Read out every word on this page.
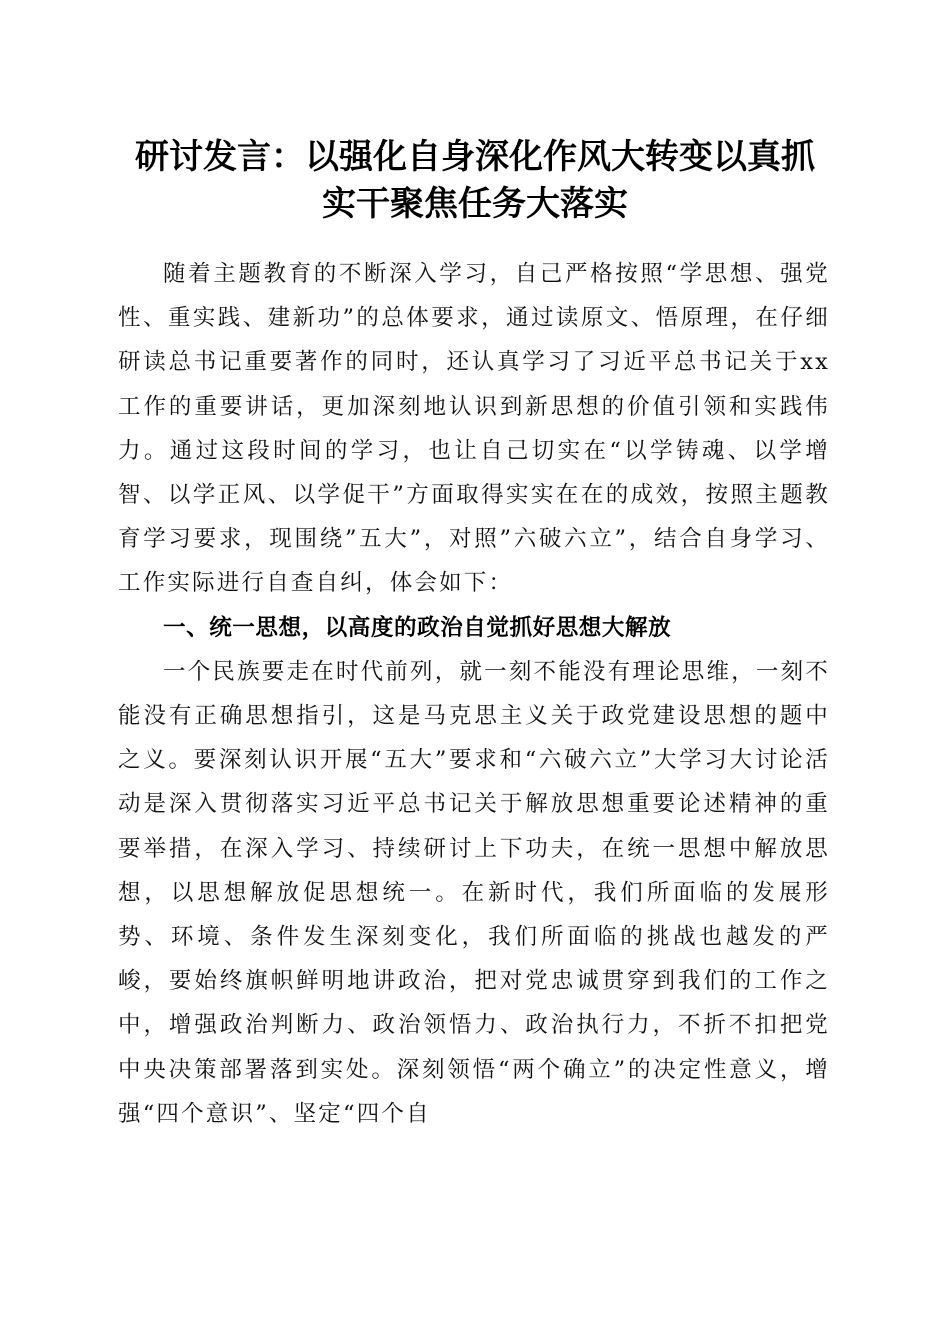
研讨发言：以强化自身深化作风大转变以真抓
实干聚焦任务大落实

随着主题教育的不断深入学习，自己严格按照“学思想、强党性、重实践、建新功”的总体要求，通过读原文、悟原理，在仔细研读总书记重要著作的同时，还认真学习了习近平总书记关于xx工作的重要讲话，更加深刻地认识到新思想的价值引领和实践伟力。通过这段时间的学习，也让自己切实在“以学铸魂、以学增智、以学正风、以学促干”方面取得实实在在的成效，按照主题教育学习要求，现围绕”五大”，对照”六破六立”，结合自身学习、工作实际进行自查自纠，体会如下：

一、统一思想，以高度的政治自觉抓好思想大解放

一个民族要走在时代前列，就一刻不能没有理论思维，一刻不能没有正确思想指引，这是马克思主义关于政党建设思想的题中之义。要深刻认识开展“五大”要求和“六破六立”大学习大讨论活动是深入贯彻落实习近平总书记关于解放思想重要论述精神的重要举措，在深入学习、持续研讨上下功夫，在统一思想中解放思想，以思想解放促思想统一。在新时代，我们所面临的发展形势、环境、条件发生深刻变化，我们所面临的挑战也越发的严峻，要始终旗帜鲜明地讲政治，把对党忠诚贯穿到我们的工作之中，增强政治判断力、政治领悟力、政治执行力，不折不扣把党中央决策部署落到实处。深刻领悟“两个确立”的决定性意义，增强“四个意识”、坚定“四个自
